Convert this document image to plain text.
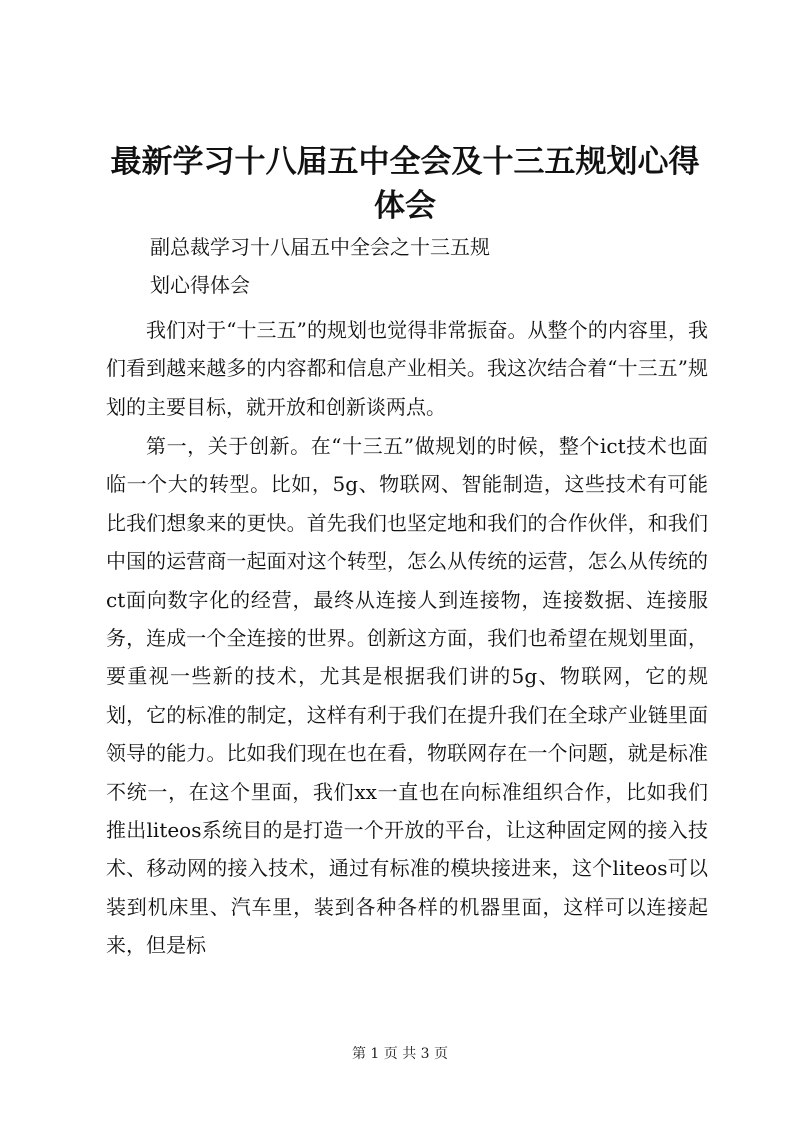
最新学习十八届五中全会及十三五规划心得体会

副总裁学习十八届五中全会之十三五规

划心得体会

我们对于“十三五”的规划也觉得非常振奋。从整个的内容里，我们看到越来越多的内容都和信息产业相关。我这次结合着“十三五”规划的主要目标，就开放和创新谈两点。

第一，关于创新。在“十三五”做规划的时候，整个ict技术也面临一个大的转型。比如，5g、物联网、智能制造，这些技术有可能比我们想象来的更快。首先我们也坚定地和我们的合作伙伴，和我们中国的运营商一起面对这个转型，怎么从传统的运营，怎么从传统的ct面向数字化的经营，最终从连接人到连接物，连接数据、连接服务，连成一个全连接的世界。创新这方面，我们也希望在规划里面，要重视一些新的技术，尤其是根据我们讲的5g、物联网，它的规划，它的标准的制定，这样有利于我们在提升我们在全球产业链里面领导的能力。比如我们现在也在看，物联网存在一个问题，就是标准不统一，在这个里面，我们xx一直也在向标准组织合作，比如我们推出liteos系统目的是打造一个开放的平台，让这种固定网的接入技术、移动网的接入技术，通过有标准的模块接进来，这个liteos可以装到机床里、汽车里，装到各种各样的机器里面，这样可以连接起来，但是标

第 1 页 共 3 页
